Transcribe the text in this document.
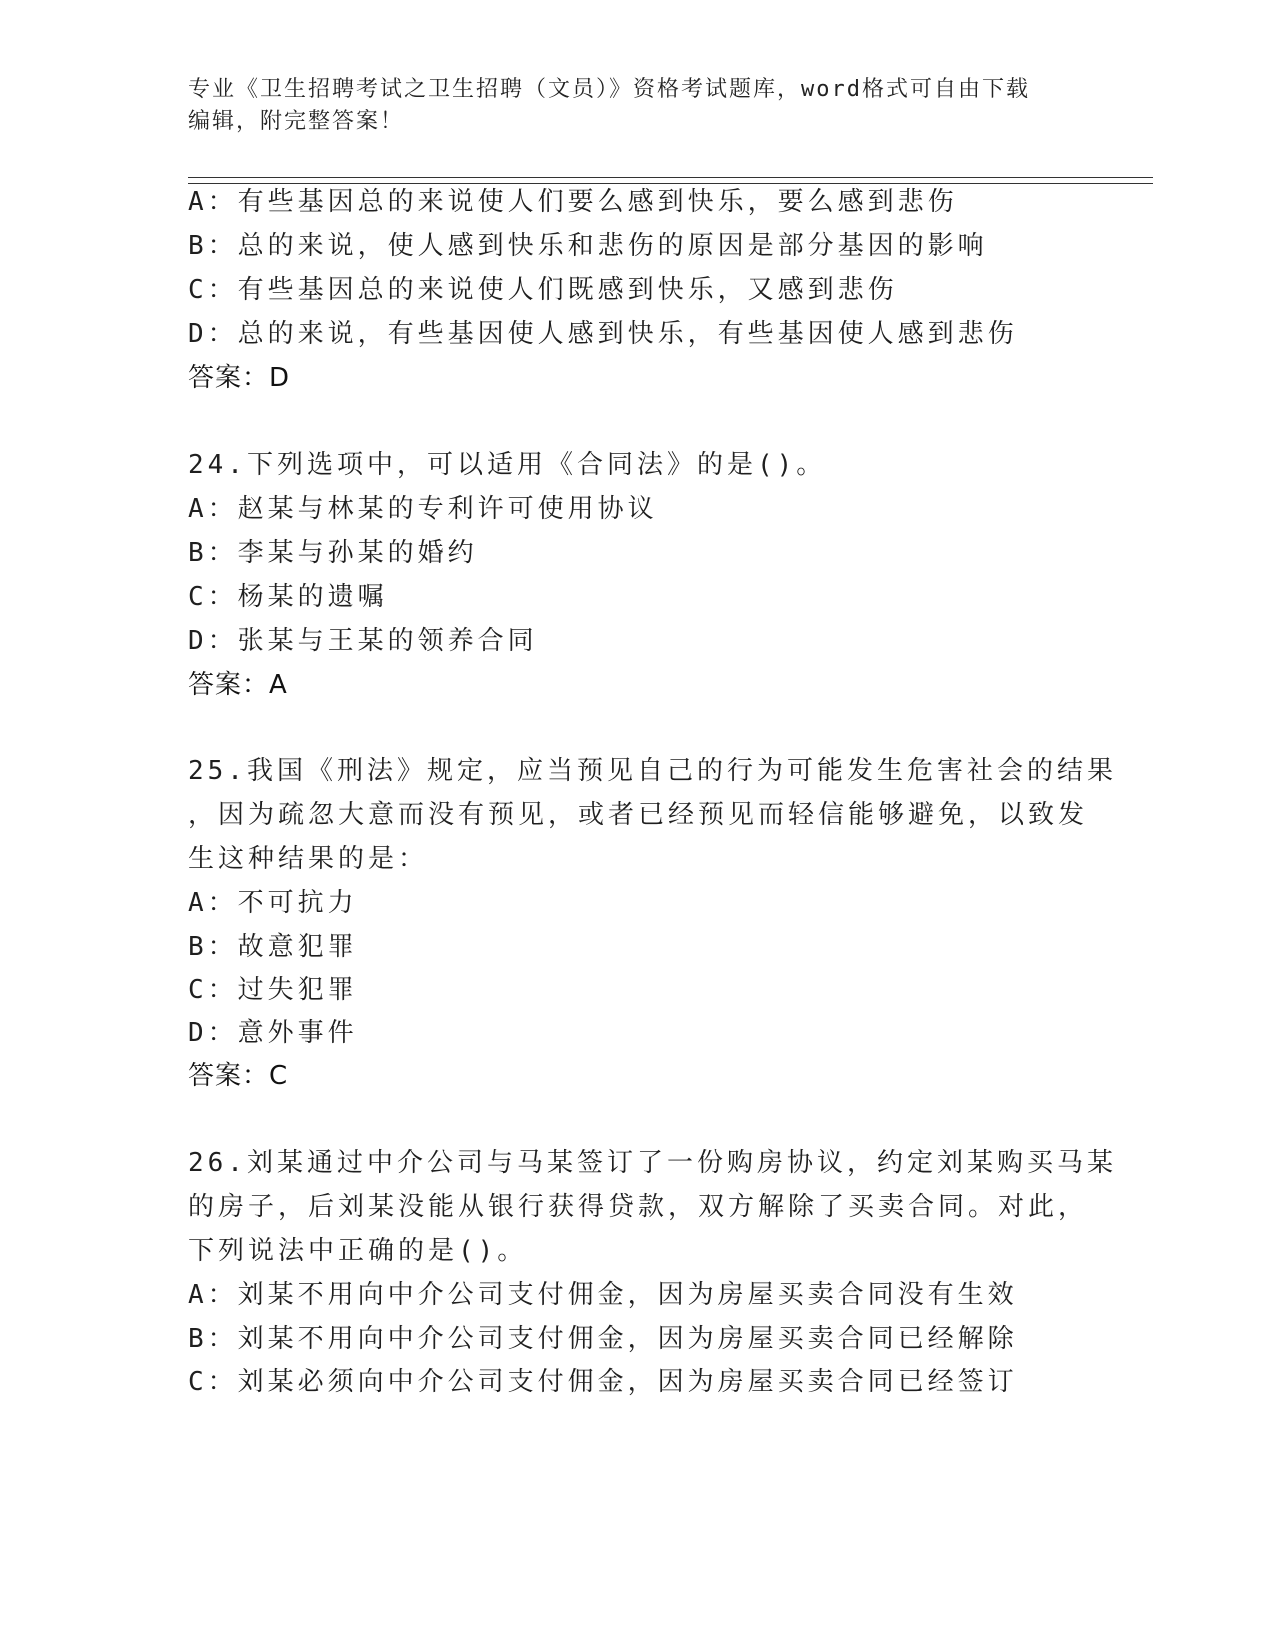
专业《卫生招聘考试之卫生招聘（文员）》资格考试题库，word格式可自由下载
编辑，附完整答案！
A：有些基因总的来说使人们要么感到快乐，要么感到悲伤
B：总的来说，使人感到快乐和悲伤的原因是部分基因的影响
C：有些基因总的来说使人们既感到快乐，又感到悲伤
D：总的来说，有些基因使人感到快乐，有些基因使人感到悲伤
答案：D
24.下列选项中，可以适用《合同法》的是()。
A：赵某与林某的专利许可使用协议
B：李某与孙某的婚约
C：杨某的遗嘱
D：张某与王某的领养合同
答案：A
25.我国《刑法》规定，应当预见自己的行为可能发生危害社会的结果
，因为疏忽大意而没有预见，或者已经预见而轻信能够避免，以致发
生这种结果的是：
A：不可抗力
B：故意犯罪
C：过失犯罪
D：意外事件
答案：C
26.刘某通过中介公司与马某签订了一份购房协议，约定刘某购买马某
的房子，后刘某没能从银行获得贷款，双方解除了买卖合同。对此，
下列说法中正确的是()。
A：刘某不用向中介公司支付佣金，因为房屋买卖合同没有生效
B：刘某不用向中介公司支付佣金，因为房屋买卖合同已经解除
C：刘某必须向中介公司支付佣金，因为房屋买卖合同已经签订
